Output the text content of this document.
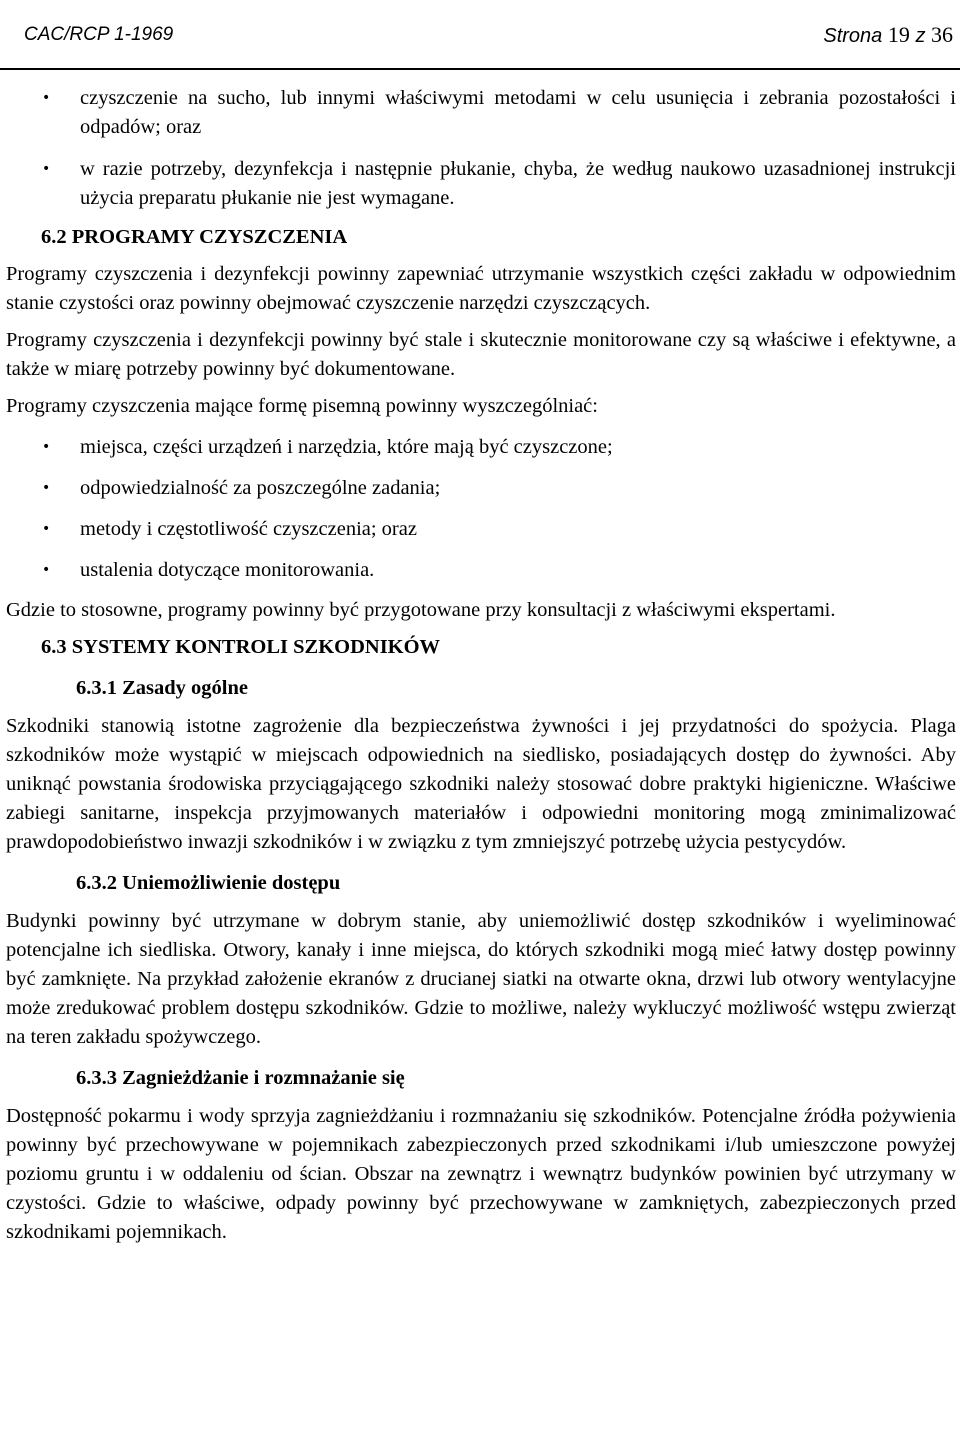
CAC/RCP 1-1969	Strona 19 z 36
• czyszczenie na sucho, lub innymi właściwymi metodami w celu usunięcia i zebrania pozostałości i odpadów; oraz
• w razie potrzeby, dezynfekcja i następnie płukanie, chyba, że według naukowo uzasadnionej instrukcji użycia preparatu płukanie nie jest wymagane.
6.2 PROGRAMY CZYSZCZENIA

Programy czyszczenia i dezynfekcji powinny zapewniać utrzymanie wszystkich części zakładu w odpowiednim stanie czystości oraz powinny obejmować czyszczenie narzędzi czyszczących.

Programy czyszczenia i dezynfekcji powinny być stale i skutecznie monitorowane czy są właściwe i efektywne, a także w miarę potrzeby powinny być dokumentowane.

Programy czyszczenia mające formę pisemną powinny wyszczególniać:

• miejsca, części urządzeń i narzędzia, które mają być czyszczone;
• odpowiedzialność za poszczególne zadania;
• metody i częstotliwość czyszczenia; oraz
• ustalenia dotyczące monitorowania.

Gdzie to stosowne, programy powinny być przygotowane przy konsultacji z właściwymi ekspertami.

6.3 SYSTEMY KONTROLI SZKODNIKÓW
6.3.1 Zasady ogólne

Szkodniki stanowią istotne zagrożenie dla bezpieczeństwa żywności i jej przydatności do spożycia. Plaga szkodników może wystąpić w miejscach odpowiednich na siedlisko, posiadających dostęp do żywności. Aby uniknąć powstania środowiska przyciągającego szkodniki należy stosować dobre praktyki higieniczne. Właściwe zabiegi sanitarne, inspekcja przyjmowanych materiałów i odpowiedni monitoring mogą zminimalizować prawdopodobieństwo inwazji szkodników i w związku z tym zmniejszyć potrzebę użycia pestycydów.

6.3.2 Uniemożliwienie dostępu

Budynki powinny być utrzymane w dobrym stanie, aby uniemożliwić dostęp szkodników i wyeliminować potencjalne ich siedliska. Otwory, kanały i inne miejsca, do których szkodniki mogą mieć łatwy dostęp powinny być zamknięte. Na przykład założenie ekranów z drucianej siatki na otwarte okna, drzwi lub otwory wentylacyjne może zredukować problem dostępu szkodników. Gdzie to możliwe, należy wykluczyć możliwość wstępu zwierząt na teren zakładu spożywczego.

6.3.3 Zagnieżdżanie i rozmnażanie się

Dostępność pokarmu i wody sprzyja zagnieżdżaniu i rozmnażaniu się szkodników. Potencjalne źródła pożywienia powinny być przechowywane w pojemnikach zabezpieczonych przed szkodnikami i/lub umieszczone powyżej poziomu gruntu i w oddaleniu od ścian. Obszar na zewnątrz i wewnątrz budynków powinien być utrzymany w czystości. Gdzie to właściwe, odpady powinny być przechowywane w zamkniętych, zabezpieczonych przed szkodnikami pojemnikach.
